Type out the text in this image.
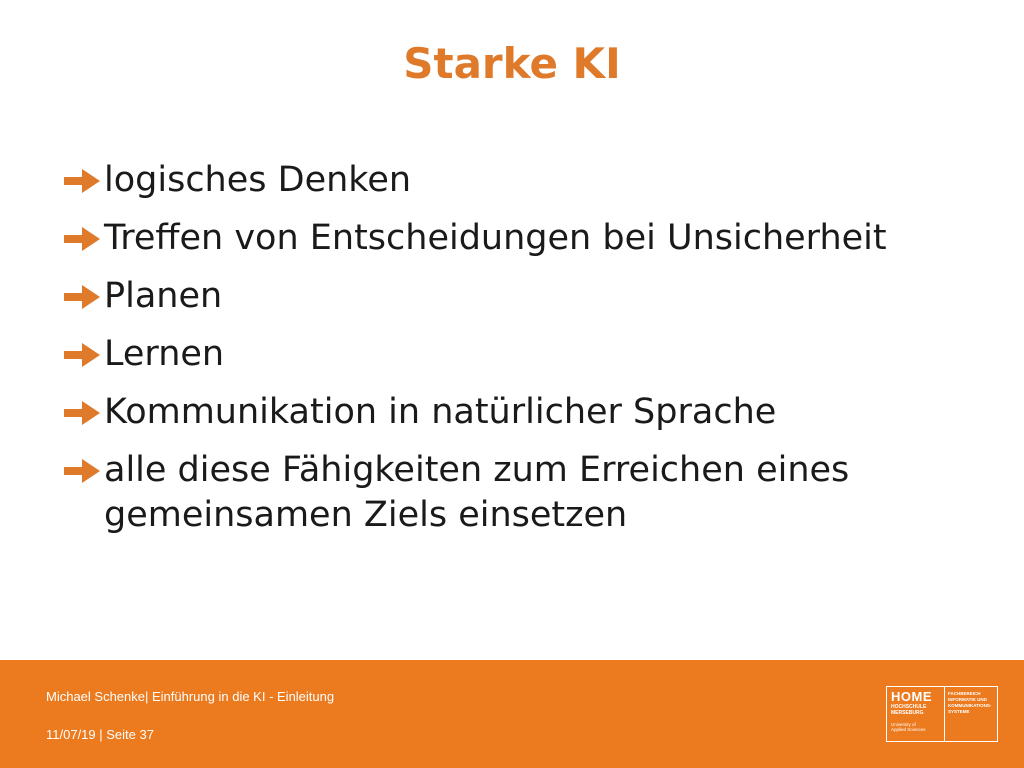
Starke KI
logisches Denken
Treffen von Entscheidungen bei Unsicherheit
Planen
Lernen
Kommunikation in natürlicher Sprache
alle diese Fähigkeiten zum Erreichen eines gemeinsamen Ziels einsetzen
Michael Schenke| Einführung in die KI - Einleitung
11/07/19 | Seite 37
HOME
HOCHSCHULE
MERSEBURG
University of
Applied Sciences
FACHBEREICH
INFORMATIK UND
KOMMUNIKATIONS-
SYSTEME
